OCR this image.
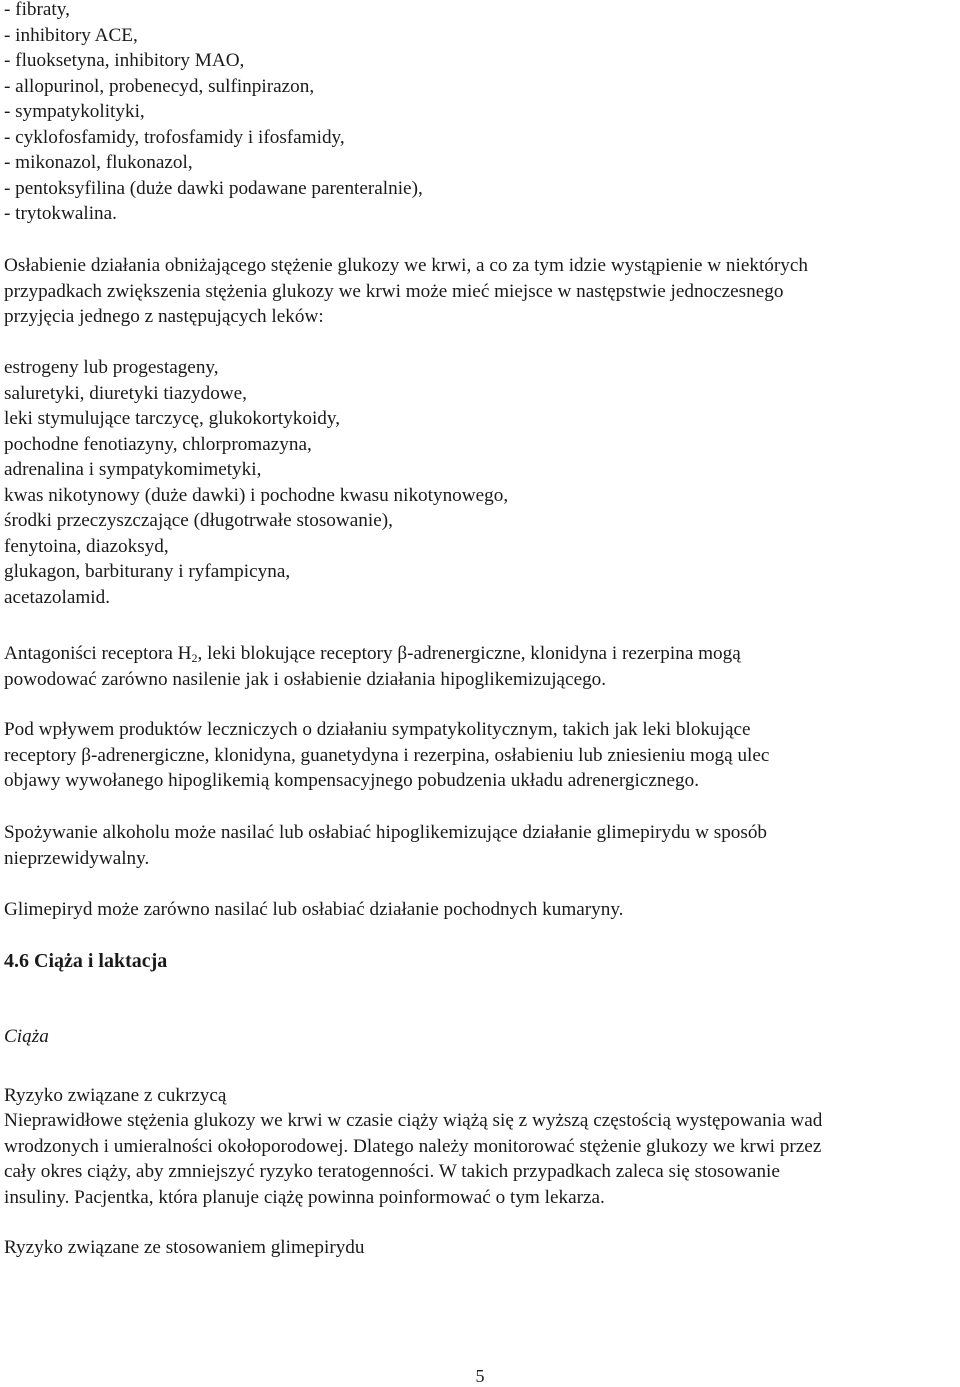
- fibraty,
- inhibitory ACE,
- fluoksetyna, inhibitory MAO,
- allopurinol, probenecyd, sulfinpirazon,
- sympatykolityki,
- cyklofosfamidy, trofosfamidy i ifosfamidy,
- mikonazol, flukonazol,
- pentoksyfilina (duże dawki podawane parenteralnie),
- trytokwalina.
Osłabienie działania obniżającego stężenie glukozy we krwi, a co za tym idzie wystąpienie w niektórych
przypadkach zwiększenia stężenia glukozy we krwi może mieć miejsce w następstwie jednoczesnego
przyjęcia jednego z następujących leków:
estrogeny lub progestageny,
saluretyki, diuretyki tiazydowe,
leki stymulujące tarczycę, glukokortykoidy,
pochodne fenotiazyny, chlorpromazyna,
adrenalina i sympatykomimetyki,
kwas nikotynowy (duże dawki) i pochodne kwasu nikotynowego,
środki przeczyszczające (długotrwałe stosowanie),
fenytoina, diazoksyd,
glukagon, barbiturany i ryfampicyna,
acetazolamid.
Antagoniści receptora $H_2$, leki blokujące receptory β-adrenergiczne, klonidyna i rezerpina mogą
powodować zarówno nasilenie jak i osłabienie działania hipoglikemizującego.
Pod wpływem produktów leczniczych o działaniu sympatykolitycznym, takich jak leki blokujące
receptory β-adrenergiczne, klonidyna, guanetydyna i rezerpina, osłabieniu lub zniesieniu mogą ulec
objawy wywołanego hipoglikemią kompensacyjnego pobudzenia układu adrenergicznego.
Spożywanie alkoholu może nasilać lub osłabiać hipoglikemizujące działanie glimepirydu w sposób
nieprzewidywalny.
Glimepiryd może zarówno nasilać lub osłabiać działanie pochodnych kumaryny.
4.6 Ciąża i laktacja
Ciąża
Ryzyko związane z cukrzycą
Nieprawidłowe stężenia glukozy we krwi w czasie ciąży wiążą się z wyższą częstością występowania wad
wrodzonych i umieralności okołoporodowej. Dlatego należy monitorować stężenie glukozy we krwi przez
cały okres ciąży, aby zmniejszyć ryzyko teratogenności. W takich przypadkach zaleca się stosowanie
insuliny. Pacjentka, która planuje ciążę powinna poinformować o tym lekarza.
Ryzyko związane ze stosowaniem glimepirydu
5
